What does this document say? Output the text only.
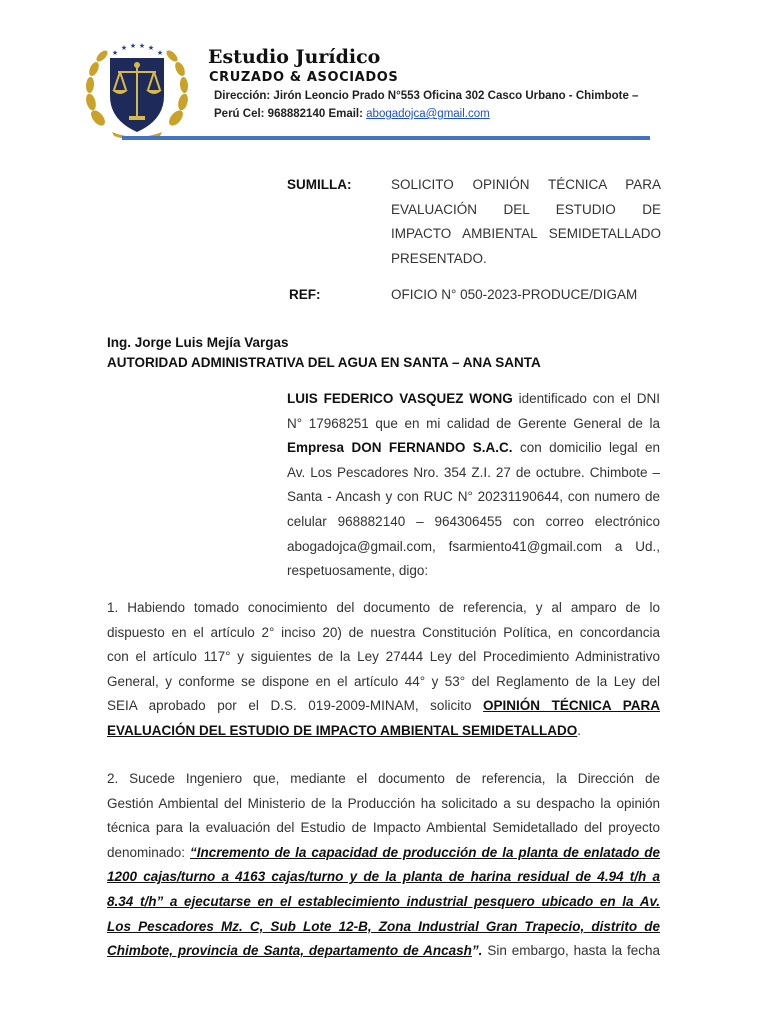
★
★ ★ ★ ★
★ Estudio Jurídico
CRUZADO & ASOCIADOS
Dirección: Jirón Leoncio Prado N°553 Oficina 302 Casco Urbano - Chimbote –
Perú Cel: 968882140 Email: abogadojca@gmail.com
SUMILLA:	SOLICITO OPINIÓN TÉCNICA PARA
EVALUACIÓN DEL ESTUDIO DE
IMPACTO AMBIENTAL SEMIDETALLADO
PRESENTADO.
REF:	OFICIO N° 050-2023-PRODUCE/DIGAM
Ing. Jorge Luis Mejía Vargas
AUTORIDAD ADMINISTRATIVA DEL AGUA EN SANTA – ANA SANTA
LUIS FEDERICO VASQUEZ WONG identificado con el DNI
N° 17968251 que en mi calidad de Gerente General de la
Empresa DON FERNANDO S.A.C. con domicilio legal en
Av. Los Pescadores Nro. 354 Z.I. 27 de octubre. Chimbote –
Santa - Ancash y con RUC N° 20231190644, con numero de
celular 968882140 – 964306455 con correo electrónico
abogadojca@gmail.com, fsarmiento41@gmail.com a Ud.,
respetuosamente, digo:
1. Habiendo tomado conocimiento del documento de referencia, y al amparo de lo
dispuesto en el artículo 2° inciso 20) de nuestra Constitución Política, en concordancia
con el artículo 117° y siguientes de la Ley 27444 Ley del Procedimiento Administrativo
General, y conforme se dispone en el artículo 44° y 53° del Reglamento de la Ley del
SEIA aprobado por el D.S. 019-2009-MINAM, solicito OPINIÓN TÉCNICA PARA
EVALUACIÓN DEL ESTUDIO DE IMPACTO AMBIENTAL SEMIDETALLADO.
2. Sucede Ingeniero que, mediante el documento de referencia, la Dirección de
Gestión Ambiental del Ministerio de la Producción ha solicitado a su despacho la opinión
técnica para la evaluación del Estudio de Impacto Ambiental Semidetallado del proyecto
denominado: “Incremento de la capacidad de producción de la planta de enlatado de
1200 cajas/turno a 4163 cajas/turno y de la planta de harina residual de 4.94 t/h a
8.34 t/h” a ejecutarse en el establecimiento industrial pesquero ubicado en la Av.
Los Pescadores Mz. C, Sub Lote 12-B, Zona Industrial Gran Trapecio, distrito de
Chimbote, provincia de Santa, departamento de Ancash”. Sin embargo, hasta la fecha
